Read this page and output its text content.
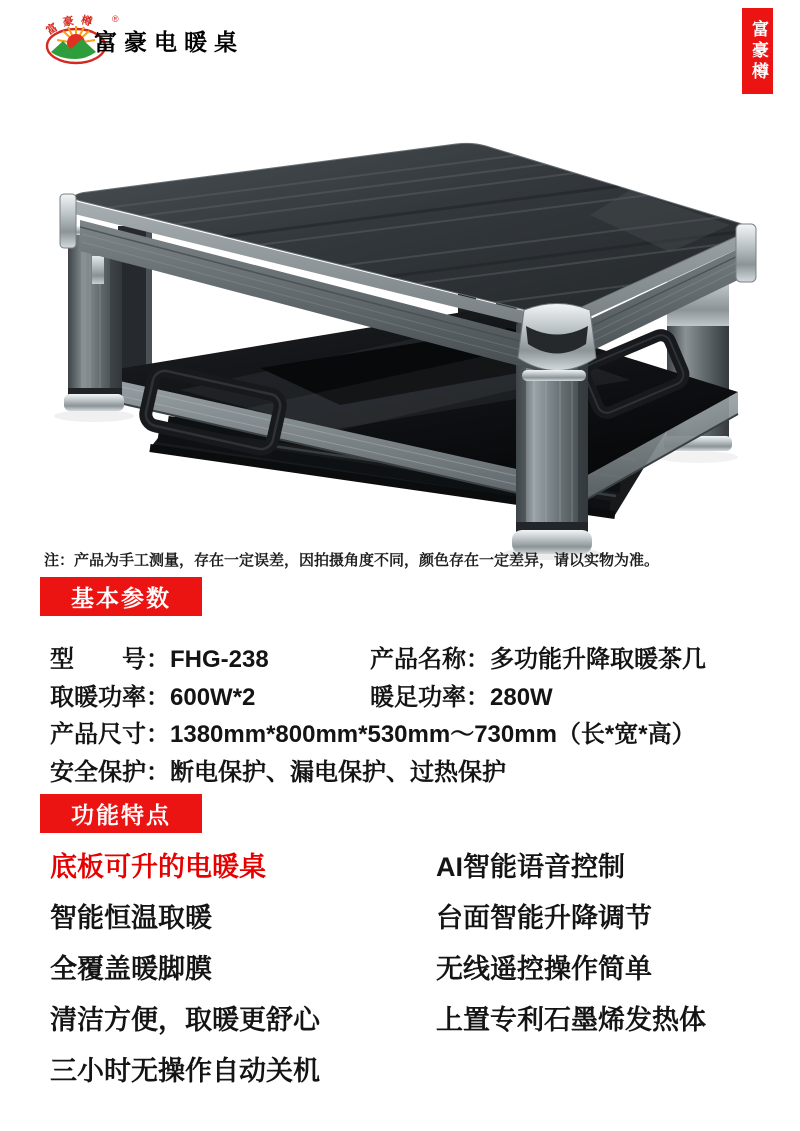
富豪樽 ®
富豪电暖桌	富豪樽
注：产品为手工测量，存在一定误差，因拍摄角度不同，颜色存在一定差异，请以实物为准。
基本参数
型　　号：FHG-238	产品名称：多功能升降取暖茶几
取暖功率：600W*2	暖足功率：280W
产品尺寸：1380mm*800mm*530mm～730mm（长*宽*高）
安全保护：断电保护、漏电保护、过热保护
功能特点
底板可升的电暖桌
智能恒温取暖
全覆盖暖脚膜
清洁方便，取暖更舒心
三小时无操作自动关机
AI智能语音控制
台面智能升降调节
无线遥控操作简单
上置专利石墨烯发热体
